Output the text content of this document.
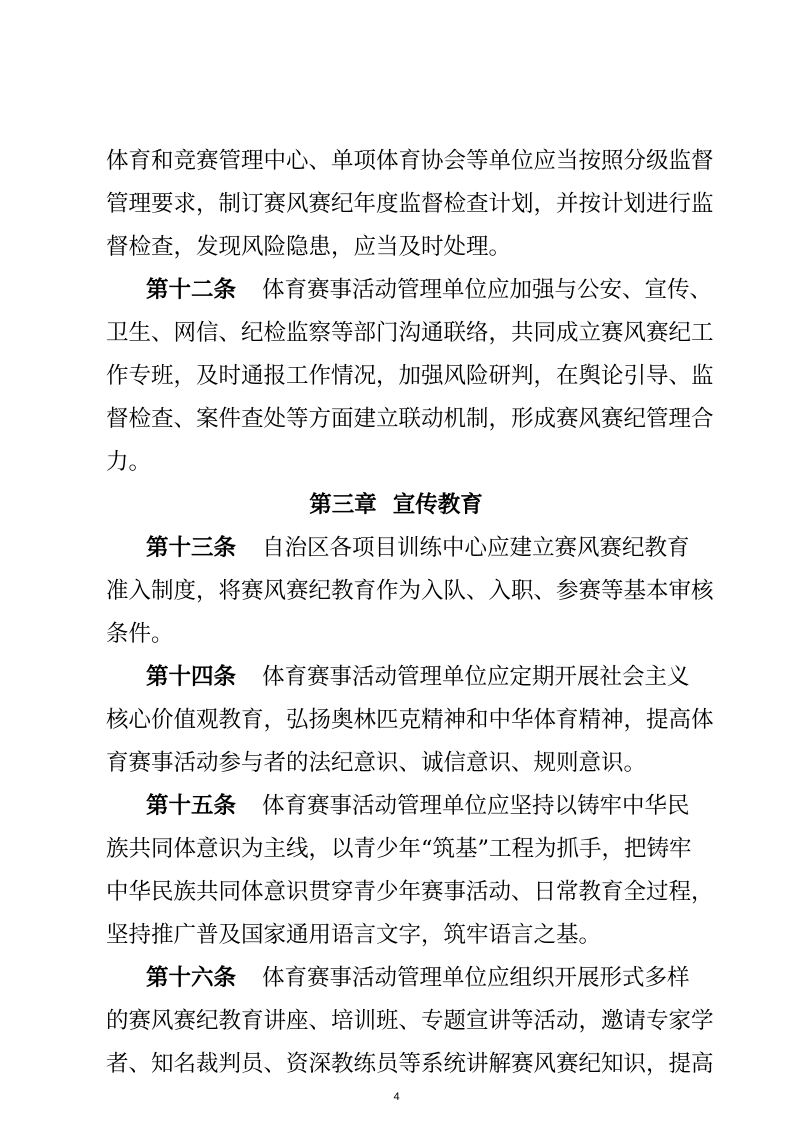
体育和竞赛管理中心、单项体育协会等单位应当按照分级监督
管理要求，制订赛风赛纪年度监督检查计划，并按计划进行监
督检查，发现风险隐患，应当及时处理。
第十二条 体育赛事活动管理单位应加强与公安、宣传、
卫生、网信、纪检监察等部门沟通联络，共同成立赛风赛纪工
作专班，及时通报工作情况，加强风险研判，在舆论引导、监
督检查、案件查处等方面建立联动机制，形成赛风赛纪管理合
力。
第三章 宣传教育
第十三条 自治区各项目训练中心应建立赛风赛纪教育
准入制度，将赛风赛纪教育作为入队、入职、参赛等基本审核
条件。
第十四条 体育赛事活动管理单位应定期开展社会主义
核心价值观教育，弘扬奥林匹克精神和中华体育精神，提高体
育赛事活动参与者的法纪意识、诚信意识、规则意识。
第十五条 体育赛事活动管理单位应坚持以铸牢中华民
族共同体意识为主线，以青少年“筑基”工程为抓手，把铸牢
中华民族共同体意识贯穿青少年赛事活动、日常教育全过程，
坚持推广普及国家通用语言文字，筑牢语言之基。
第十六条 体育赛事活动管理单位应组织开展形式多样
的赛风赛纪教育讲座、培训班、专题宣讲等活动，邀请专家学
者、知名裁判员、资深教练员等系统讲解赛风赛纪知识，提高
4
